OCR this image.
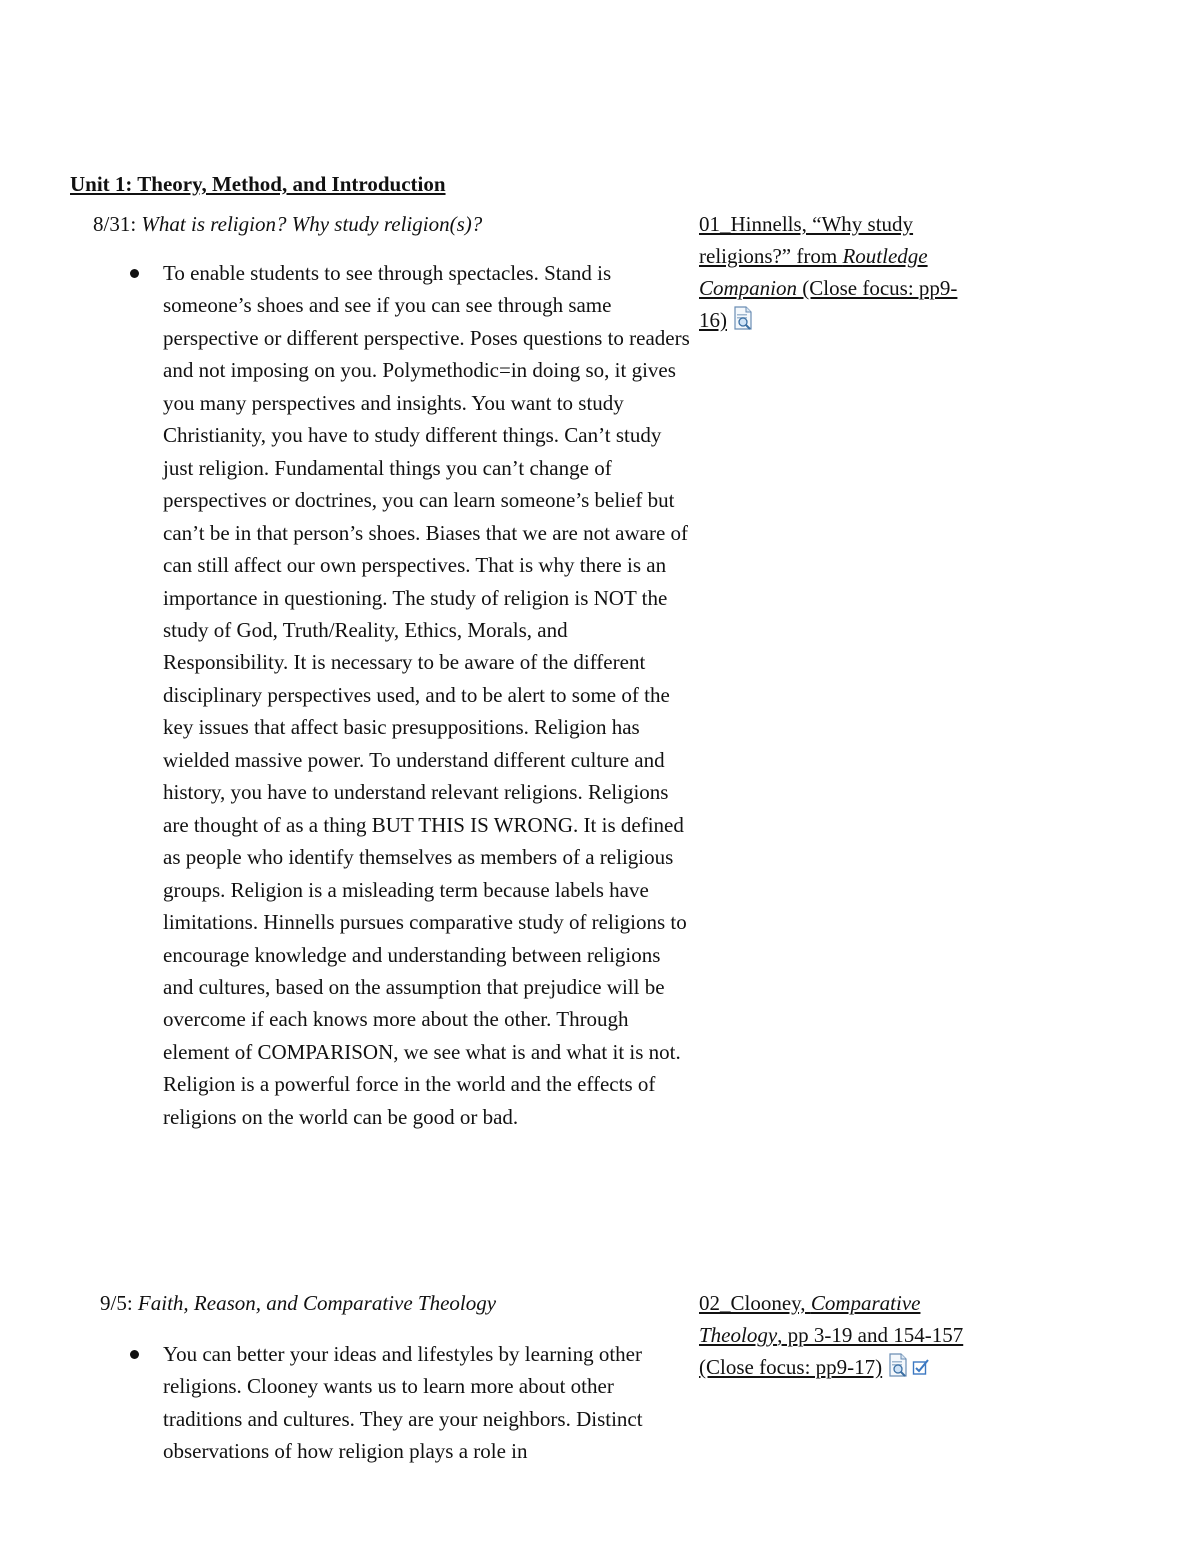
Unit 1: Theory, Method, and Introduction
8/31: What is religion? Why study religion(s)?
To enable students to see through spectacles. Stand is someone’s shoes and see if you can see through same perspective or different perspective. Poses questions to readers and not imposing on you. Polymethodic=in doing so, it gives you many perspectives and insights. You want to study Christianity, you have to study different things. Can’t study just religion. Fundamental things you can’t change of perspectives or doctrines, you can learn someone’s belief but can’t be in that person’s shoes. Biases that we are not aware of can still affect our own perspectives. That is why there is an importance in questioning. The study of religion is NOT the study of God, Truth/Reality, Ethics, Morals, and Responsibility. It is necessary to be aware of the different disciplinary perspectives used, and to be alert to some of the key issues that affect basic presuppositions. Religion has wielded massive power. To understand different culture and history, you have to understand relevant religions. Religions are thought of as a thing BUT THIS IS WRONG. It is defined as people who identify themselves as members of a religious groups. Religion is a misleading term because labels have limitations. Hinnells pursues comparative study of religions to encourage knowledge and understanding between religions and cultures, based on the assumption that prejudice will be overcome if each knows more about the other. Through element of COMPARISON, we see what is and what it is not. Religion is a powerful force in the world and the effects of religions on the world can be good or bad.
01_Hinnells, “Why study religions?” from Routledge Companion (Close focus: pp9-16)
9/5: Faith, Reason, and Comparative Theology
You can better your ideas and lifestyles by learning other religions. Clooney wants us to learn more about other traditions and cultures. They are your neighbors. Distinct observations of how religion plays a role in
02_Clooney, Comparative Theology, pp 3-19 and 154-157 (Close focus: pp9-17)
